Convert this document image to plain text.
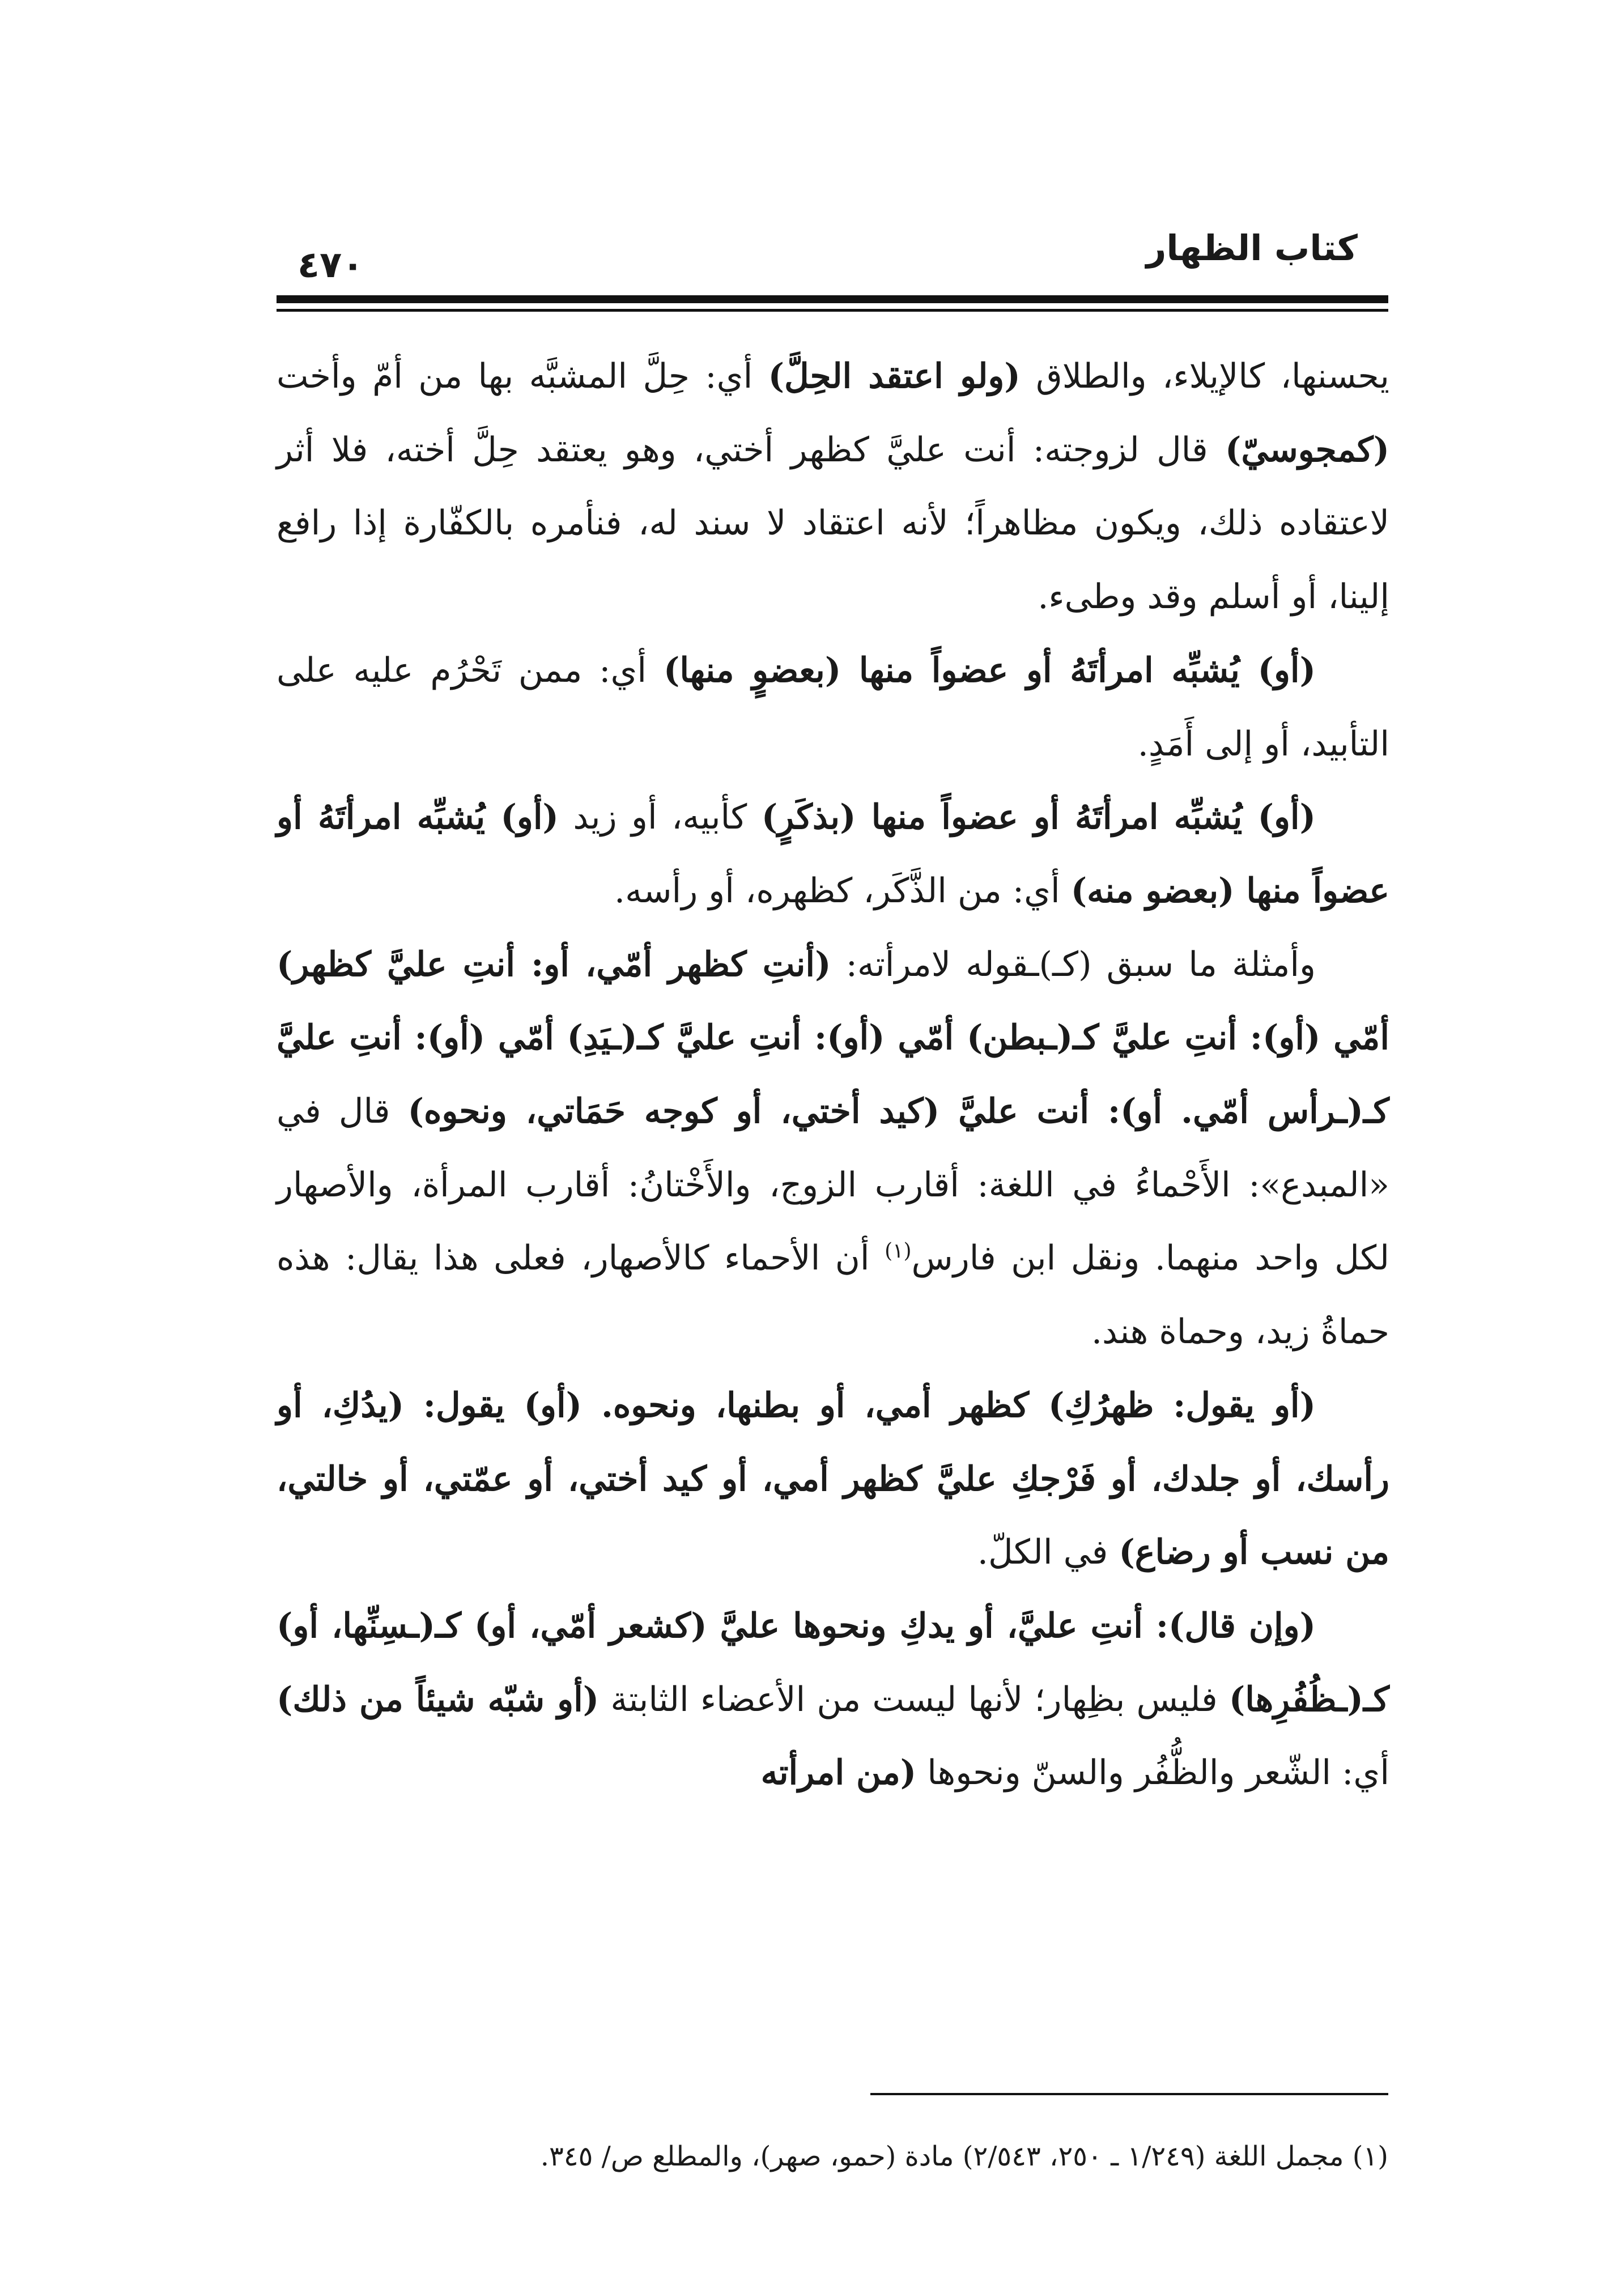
كتاب الظهار
٤٧٠

يحسنها، كالإيلاء، والطلاق (ولو اعتقد الحِلَّ) أي: حِلَّ المشبَّه بها من أمّ وأخت (كمجوسيّ) قال لزوجته: أنت عليَّ كظهر أختي، وهو يعتقد حِلَّ أخته، فلا أثر لاعتقاده ذلك، ويكون مظاهراً؛ لأنه اعتقاد لا سند له، فنأمره بالكفّارة إذا رافع إلينا، أو أسلم وقد وطىء.

(أو) يُشبِّه امرأتَهُ أو عضواً منها (بعضوٍ منها) أي: ممن تَحْرُم عليه على التأبيد، أو إلى أَمَدٍ.

(أو) يُشبِّه امرأتَهُ أو عضواً منها (بذكَرٍ) كأبيه، أو زيد (أو) يُشبِّه امرأتَهُ أو عضواً منها (بعضو منه) أي: من الذَّكَر، كظهره، أو رأسه.

وأمثلة ما سبق (كـ)ـقوله لامرأته: (أنتِ كظهر أمّي، أو: أنتِ عليَّ كظهر) أمّي (أو): أنتِ عليَّ كـ(ـبطن) أمّي (أو): أنتِ عليَّ كـ(ـيَدِ) أمّي (أو): أنتِ عليَّ كـ(ـرأس أمّي. أو): أنت عليَّ (كيد أختي، أو كوجه حَمَاتي، ونحوه) قال في «المبدع»: الأَحْماءُ في اللغة: أقارب الزوج، والأَخْتانُ: أقارب المرأة، والأصهار لكل واحد منهما. ونقل ابن فارس$^{(١)}$ أن الأحماء كالأصهار، فعلى هذا يقال: هذه حماةُ زيد، وحماة هند.

(أو يقول: ظهرُكِ) كظهر أمي، أو بطنها، ونحوه. (أو) يقول: (يدُكِ، أو رأسك، أو جلدك، أو فَرْجكِ عليَّ كظهر أمي، أو كيد أختي، أو عمّتي، أو خالتي، من نسب أو رضاع) في الكلّ.

(وإن قال): أنتِ عليَّ، أو يدكِ ونحوها عليَّ (كشعر أمّي، أو) كـ(ـسِنِّها، أو) كـ(ـظُفُرِها) فليس بظِهار؛ لأنها ليست من الأعضاء الثابتة (أو شبّه شيئاً من ذلك) أي: الشّعر والظُّفُر والسنّ ونحوها (من امرأته

(١) مجمل اللغة (١/٢٤٩ ـ ٢٥٠، ٢/٥٤٣) مادة (حمو، صهر)، والمطلع ص/ ٣٤٥.
